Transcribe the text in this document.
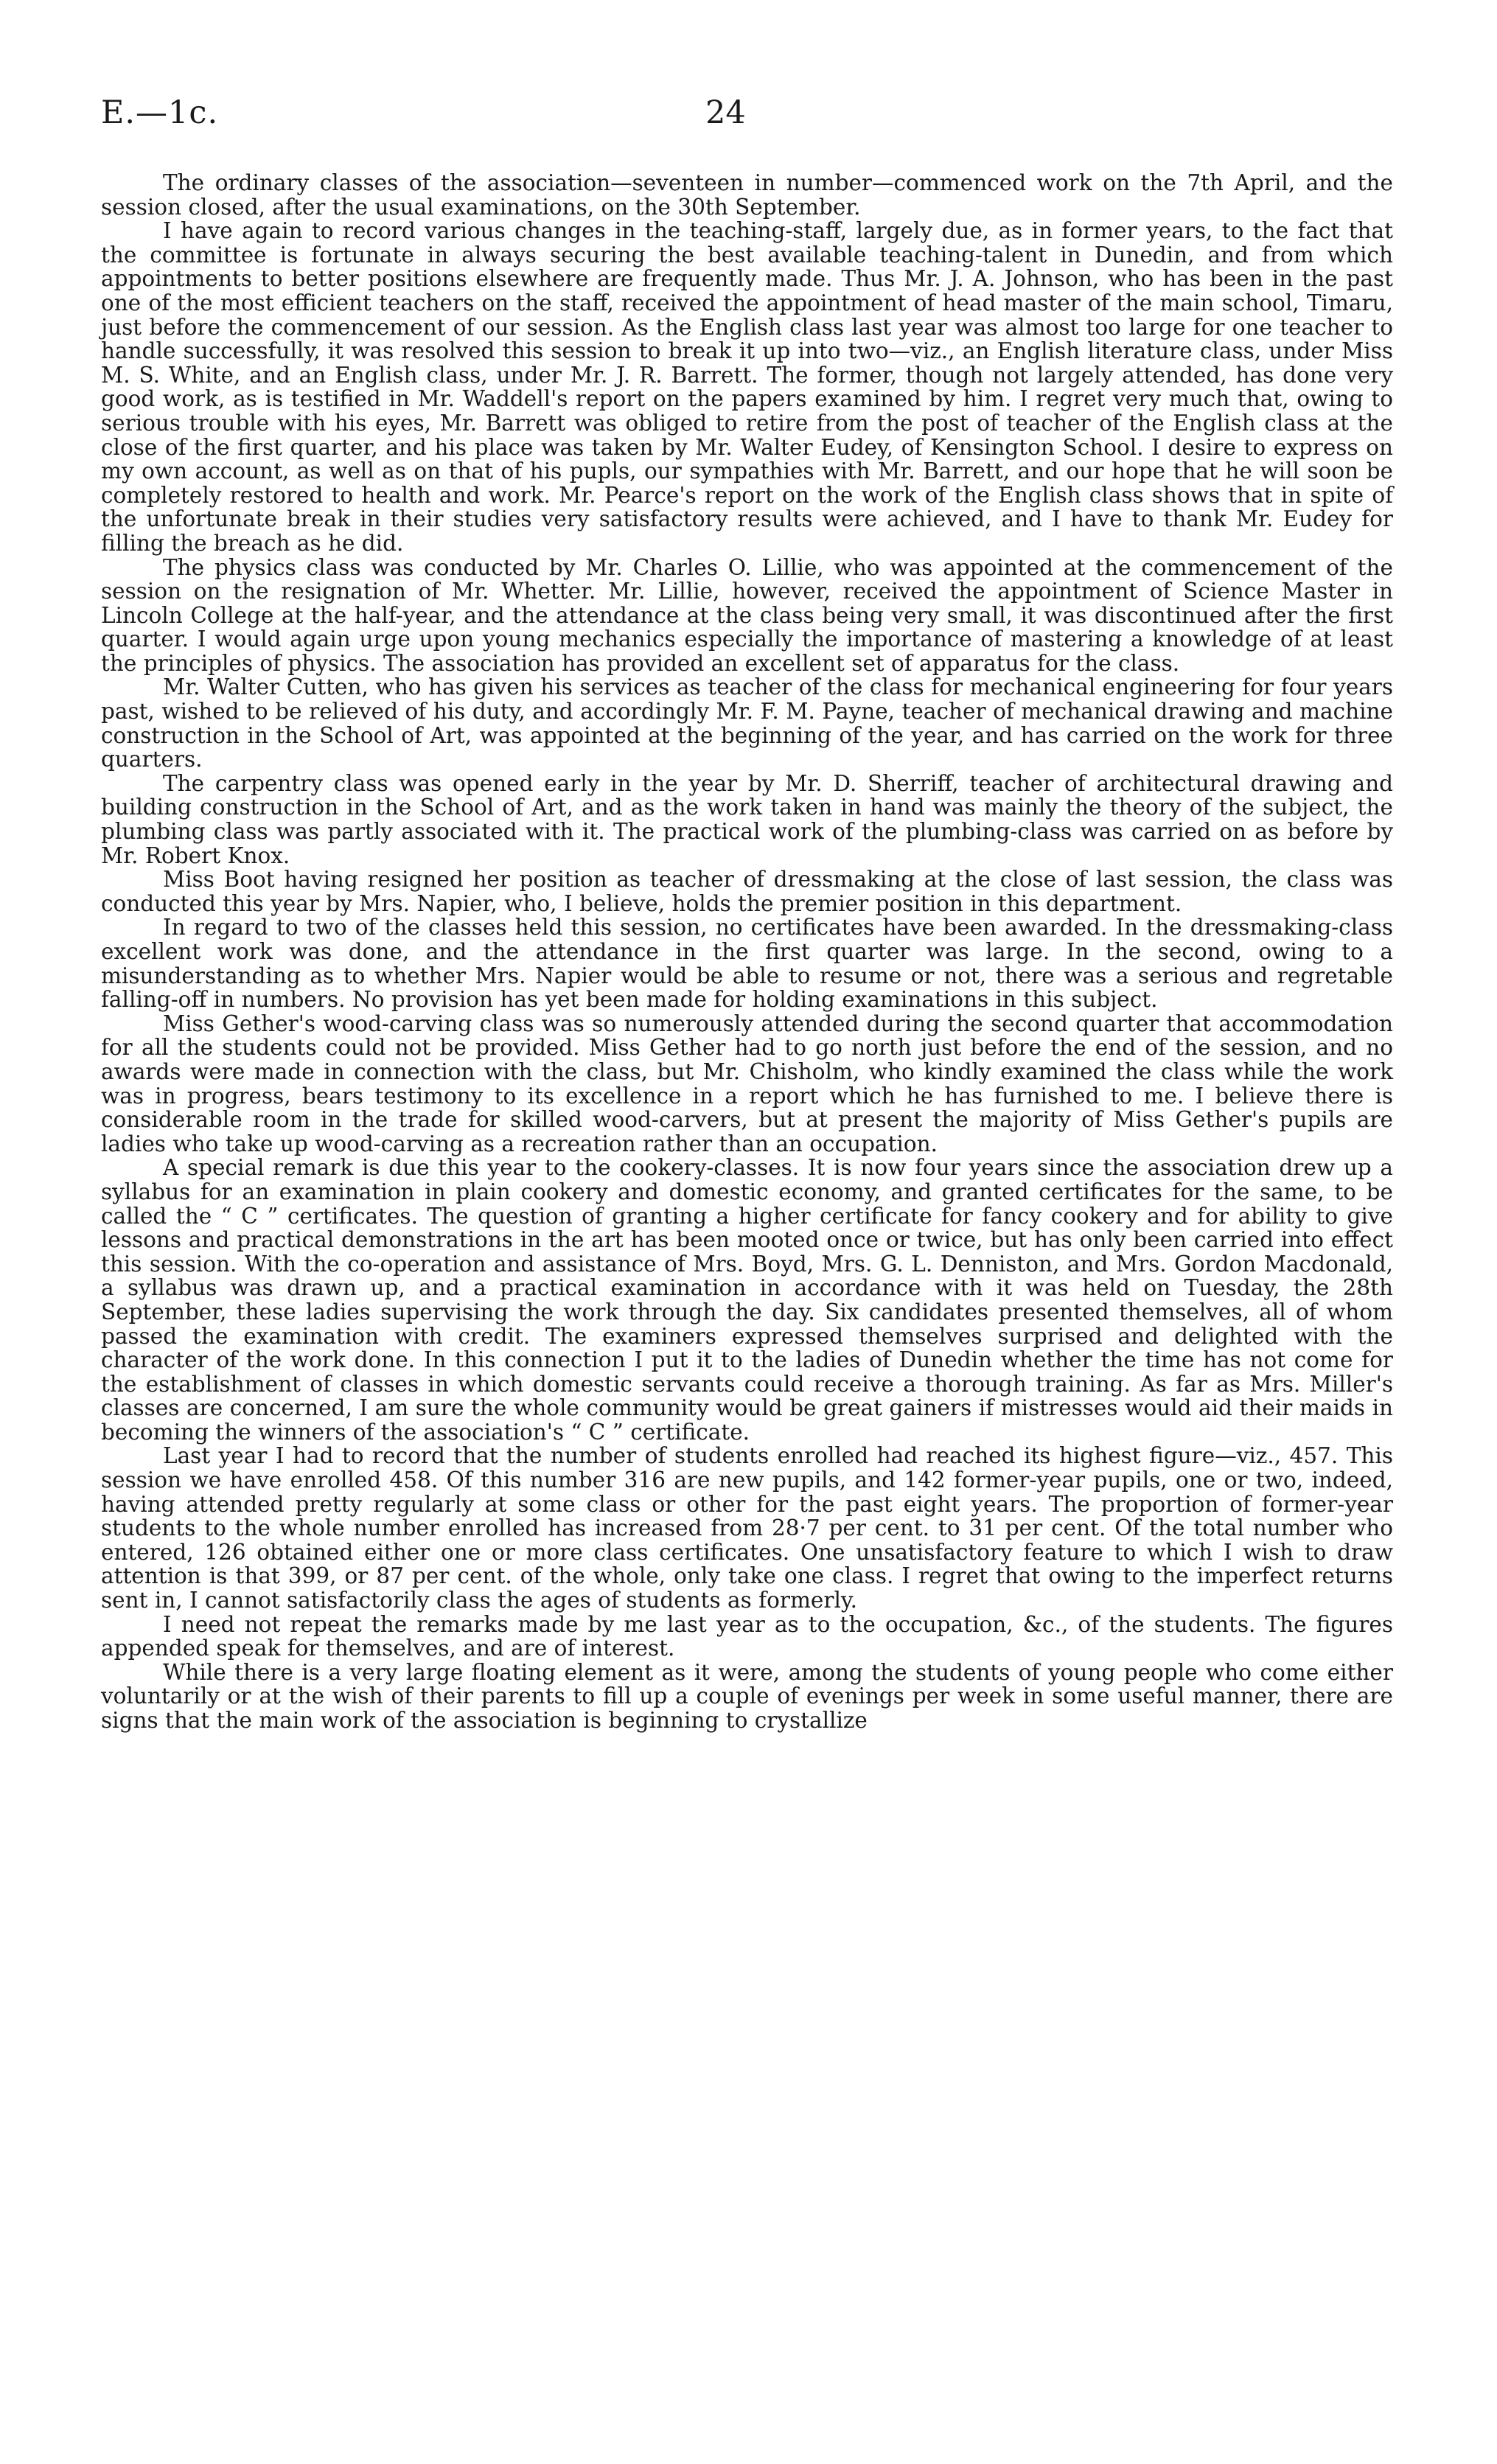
E.—1c.	24

The ordinary classes of the association—seventeen in number—commenced work on the 7th April, and the session closed, after the usual examinations, on the 30th September.

I have again to record various changes in the teaching-staff, largely due, as in former years, to the fact that the committee is fortunate in always securing the best available teaching-talent in Dunedin, and from which appointments to better positions elsewhere are frequently made. Thus Mr. J. A. Johnson, who has been in the past one of the most efficient teachers on the staff, received the appointment of head master of the main school, Timaru, just before the commencement of our session. As the English class last year was almost too large for one teacher to handle successfully, it was resolved this session to break it up into two—viz., an English literature class, under Miss M. S. White, and an English class, under Mr. J. R. Barrett. The former, though not largely attended, has done very good work, as is testified in Mr. Waddell's report on the papers examined by him. I regret very much that, owing to serious trouble with his eyes, Mr. Barrett was obliged to retire from the post of teacher of the English class at the close of the first quarter, and his place was taken by Mr. Walter Eudey, of Kensington School. I desire to express on my own account, as well as on that of his pupls, our sympathies with Mr. Barrett, and our hope that he will soon be completely restored to health and work. Mr. Pearce's report on the work of the English class shows that in spite of the unfortunate break in their studies very satisfactory results were achieved, and I have to thank Mr. Eudey for filling the breach as he did.

The physics class was conducted by Mr. Charles O. Lillie, who was appointed at the commencement of the session on the resignation of Mr. Whetter. Mr. Lillie, however, received the appointment of Science Master in Lincoln College at the half-year, and the attendance at the class being very small, it was discontinued after the first quarter. I would again urge upon young mechanics especially the importance of mastering a knowledge of at least the principles of physics. The association has provided an excellent set of apparatus for the class.

Mr. Walter Cutten, who has given his services as teacher of the class for mechanical engineering for four years past, wished to be relieved of his duty, and accordingly Mr. F. M. Payne, teacher of mechanical drawing and machine construction in the School of Art, was appointed at the beginning of the year, and has carried on the work for three quarters.

The carpentry class was opened early in the year by Mr. D. Sherriff, teacher of architectural drawing and building construction in the School of Art, and as the work taken in hand was mainly the theory of the subject, the plumbing class was partly associated with it. The practical work of the plumbing-class was carried on as before by Mr. Robert Knox.

Miss Boot having resigned her position as teacher of dressmaking at the close of last session, the class was conducted this year by Mrs. Napier, who, I believe, holds the premier position in this department.

In regard to two of the classes held this session, no certificates have been awarded. In the dressmaking-class excellent work was done, and the attendance in the first quarter was large. In the second, owing to a misunderstanding as to whether Mrs. Napier would be able to resume or not, there was a serious and regretable falling-off in numbers. No provision has yet been made for holding examinations in this subject.

Miss Gether's wood-carving class was so numerously attended during the second quarter that accommodation for all the students could not be provided. Miss Gether had to go north just before the end of the session, and no awards were made in connection with the class, but Mr. Chisholm, who kindly examined the class while the work was in progress, bears testimony to its excellence in a report which he has furnished to me. I believe there is considerable room in the trade for skilled wood-carvers, but at present the majority of Miss Gether's pupils are ladies who take up wood-carving as a recreation rather than an occupation.

A special remark is due this year to the cookery-classes. It is now four years since the association drew up a syllabus for an examination in plain cookery and domestic economy, and granted certificates for the same, to be called the “ C ” certificates. The question of granting a higher certificate for fancy cookery and for ability to give lessons and practical demonstrations in the art has been mooted once or twice, but has only been carried into effect this session. With the co-operation and assistance of Mrs. Boyd, Mrs. G. L. Denniston, and Mrs. Gordon Macdonald, a syllabus was drawn up, and a practical examination in accordance with it was held on Tuesday, the 28th September, these ladies supervising the work through the day. Six candidates presented themselves, all of whom passed the examination with credit. The examiners expressed themselves surprised and delighted with the character of the work done. In this connection I put it to the ladies of Dunedin whether the time has not come for the establishment of classes in which domestic servants could receive a thorough training. As far as Mrs. Miller's classes are concerned, I am sure the whole community would be great gainers if mistresses would aid their maids in becoming the winners of the association's “ C ” certificate.

Last year I had to record that the number of students enrolled had reached its highest figure—viz., 457. This session we have enrolled 458. Of this number 316 are new pupils, and 142 former-year pupils, one or two, indeed, having attended pretty regularly at some class or other for the past eight years. The proportion of former-year students to the whole number enrolled has increased from 28·7 per cent. to 31 per cent. Of the total number who entered, 126 obtained either one or more class certificates. One unsatisfactory feature to which I wish to draw attention is that 399, or 87 per cent. of the whole, only take one class. I regret that owing to the imperfect returns sent in, I cannot satisfactorily class the ages of students as formerly.

I need not repeat the remarks made by me last year as to the occupation, &c., of the students. The figures appended speak for themselves, and are of interest.

While there is a very large floating element as it were, among the students of young people who come either voluntarily or at the wish of their parents to fill up a couple of evenings per week in some useful manner, there are signs that the main work of the association is beginning to crystallize
